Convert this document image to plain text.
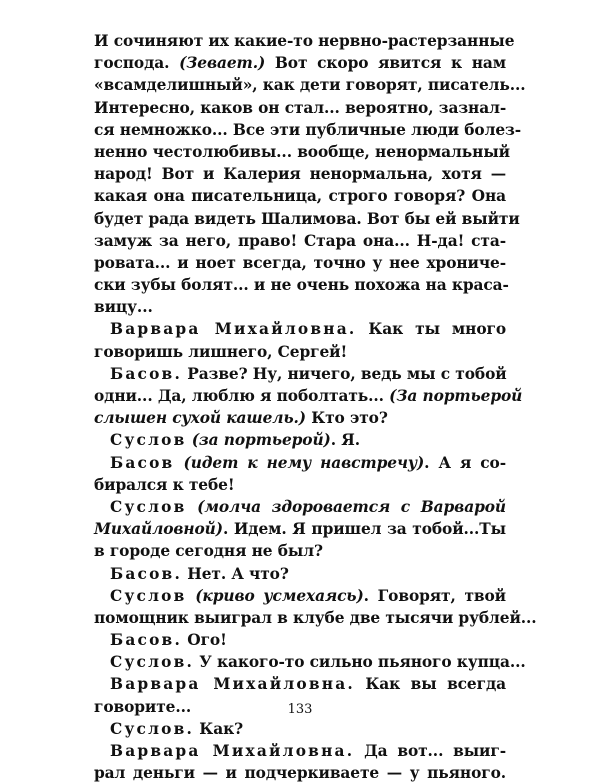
И сочиняют их какие-то нервно-растерзанные
господа. (Зевает.) Вот скоро явится к нам
«всамделишный», как дети говорят, писатель...
Интересно, каков он стал... вероятно, зазнал-
ся немножко... Все эти публичные люди болез-
ненно честолюбивы... вообще, ненормальный
народ! Вот и Калерия ненормальна, хотя —
какая она писательница, строго говоря? Она
будет рада видеть Шалимова. Вот бы ей выйти
замуж за него, право! Стара она... Н-да! ста-
ровата... и ноет всегда, точно у нее хрониче-
ски зубы болят... и не очень похожа на краса-
вицу...
Варвара Михайловна. Как ты много
говоришь лишнего, Сергей!
Басов. Разве? Ну, ничего, ведь мы с тобой
одни... Да, люблю я поболтать... (За портьерой
слышен сухой кашель.) Кто это?
Суслов (за портьерой). Я.
Басов (идет к нему навстречу). А я со-
бирался к тебе!
Суслов (молча здоровается с Варварой
Михайловной). Идем. Я пришел за тобой...Ты
в городе сегодня не был?
Басов. Нет. А что?
Суслов (криво усмехаясь). Говорят, твой
помощник выиграл в клубе две тысячи рублей...
Басов. Ого!
Суслов. У какого-то сильно пьяного купца...
Варвара Михайловна. Как вы всегда
говорите...
Суслов. Как?
Варвара Михайловна. Да вот... выиг-
рал деньги — и подчеркиваете — у пьяного.
133
